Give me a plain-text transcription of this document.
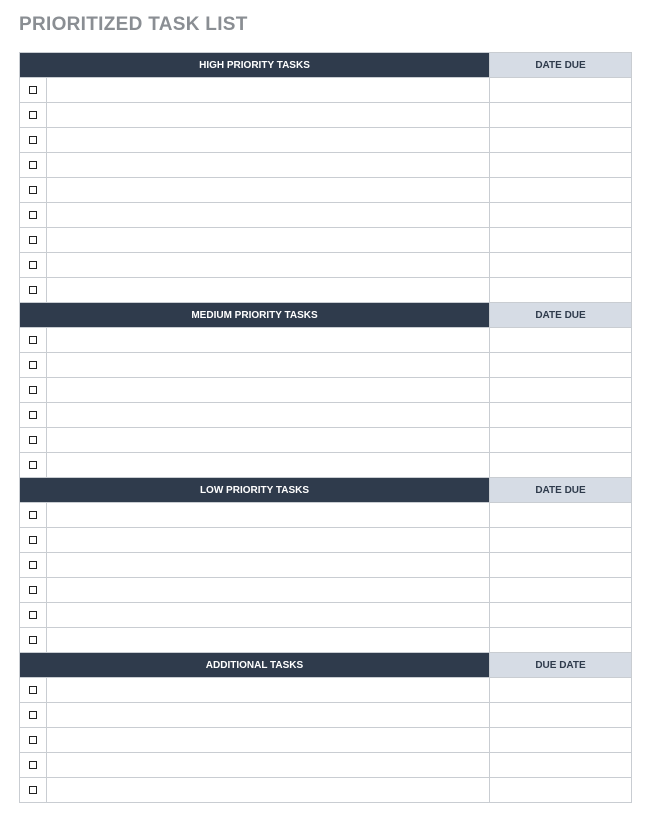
PRIORITIZED TASK LIST
HIGH PRIORITY TASKS	DATE DUE
MEDIUM PRIORITY TASKS	DATE DUE
LOW PRIORITY TASKS	DATE DUE
ADDITIONAL TASKS	DUE DATE
